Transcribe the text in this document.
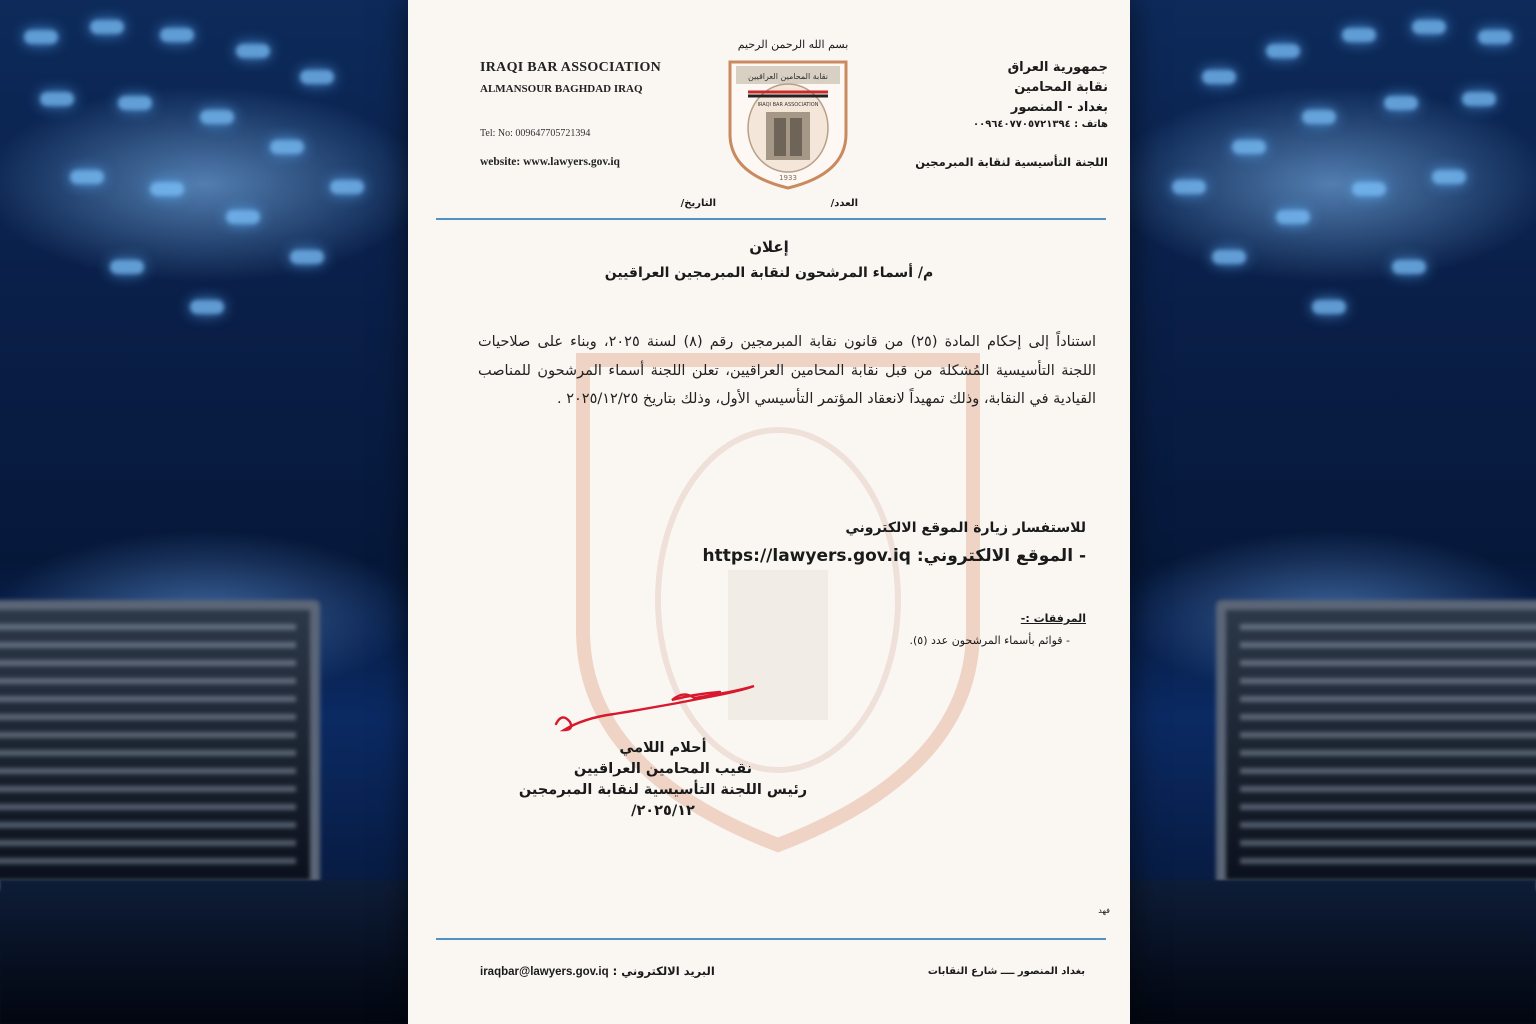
IRAQI BAR ASSOCIATION
ALMANSOUR BAGHDAD IRAQ
Tel: No: 009647705721394
website: www.lawyers.gov.iq
بسم الله الرحمن الرحيم
نقابة المحامين العراقيين
IRAQI BAR ASSOCIATION
1933
جمهورية العراق
نقابة المحامين
بغداد - المنصور
هاتف : ٠٠٩٦٤٠٧٧٠٥٧٢١٣٩٤
اللجنة التأسيسية لنقابة المبرمجين
العدد/
التاريخ/
إعلان
م/ أسماء المرشحون لنقابة المبرمجين العراقيين
استناداً إلى إحكام المادة (٢٥) من قانون نقابة المبرمجين رقم (٨) لسنة ٢٠٢٥، وبناء على صلاحيات اللجنة التأسيسية المُشكلة من قبل نقابة المحامين العراقيين، تعلن اللجنة أسماء المرشحون للمناصب القيادية في النقابة، وذلك تمهيداً لانعقاد المؤتمر التأسيسي الأول، وذلك بتاريخ ٢٠٢٥/١٢/٢٥ .
للاستفسار زيارة الموقع الالكتروني
- الموقع الالكتروني: https://lawyers.gov.iq
المرفقات :-
- قوائم بأسماء المرشحون عدد (٥).
أحلام اللامي
نقيب المحامين العراقيين
رئيس اللجنة التأسيسية لنقابة المبرمجين
٢٠٢٥/١٢/
فهد
البريد الالكتروني : iraqbar@lawyers.gov.iq	بغداد المنصور ــــ شارع النقابات
